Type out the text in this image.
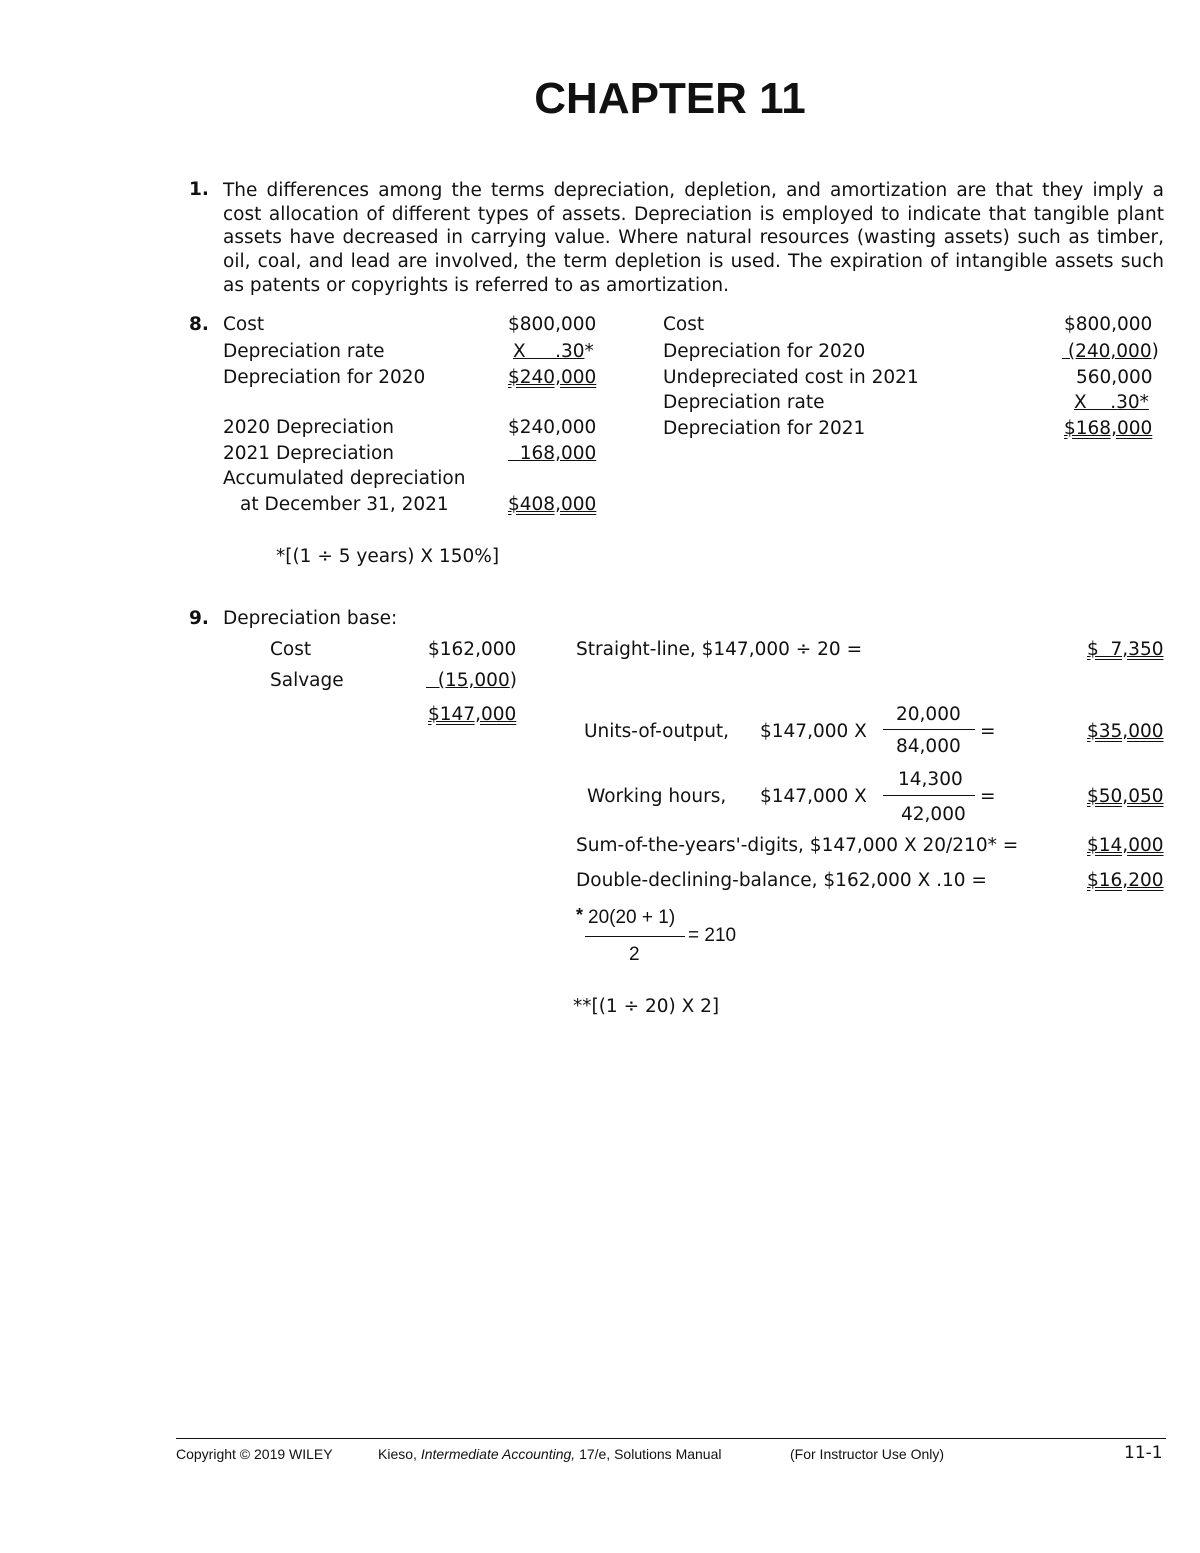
CHAPTER 11
1. The differences among the terms depreciation, depletion, and amortization are that they imply a cost allocation of different types of assets. Depreciation is employed to indicate that tangible plant assets have decreased in carrying value. Where natural resources (wasting assets) such as timber, oil, coal, and lead are involved, the term depletion is used. The expiration of intangible assets such as patents or copyrights is referred to as amortization.
8. Cost	$800,000
Depreciation rate	X     .30*
Depreciation for 2020	$240,000
2020 Depreciation	$240,000
2021 Depreciation	168,000
Accumulated depreciation
at December 31, 2021	$408,000
Cost	$800,000
Depreciation for 2020	(240,000)
Undepreciated cost in 2021	560,000
Depreciation rate	X    .30*
Depreciation for 2021	$168,000
*[(1 ÷ 5 years) X 150%]
9. Depreciation base:
Cost	$162,000
Salvage	(15,000)
$147,000
Straight-line, $147,000 ÷ 20 =	$  7,350
Units-of-output, $147,000 X
20,000
84,000
=	$35,000
Working hours, $147,000 X
14,300
42,000
=	$50,050
Sum-of-the-years'-digits, $147,000 X 20/210* =	$14,000
Double-declining-balance, $162,000 X .10 =	$16,200
* 20(20 + 1)
2
= 210
**[(1 ÷ 20) X 2]
Copyright © 2019 WILEY	Kieso, Intermediate Accounting, 17/e, Solutions Manual	(For Instructor Use Only)	11-1
